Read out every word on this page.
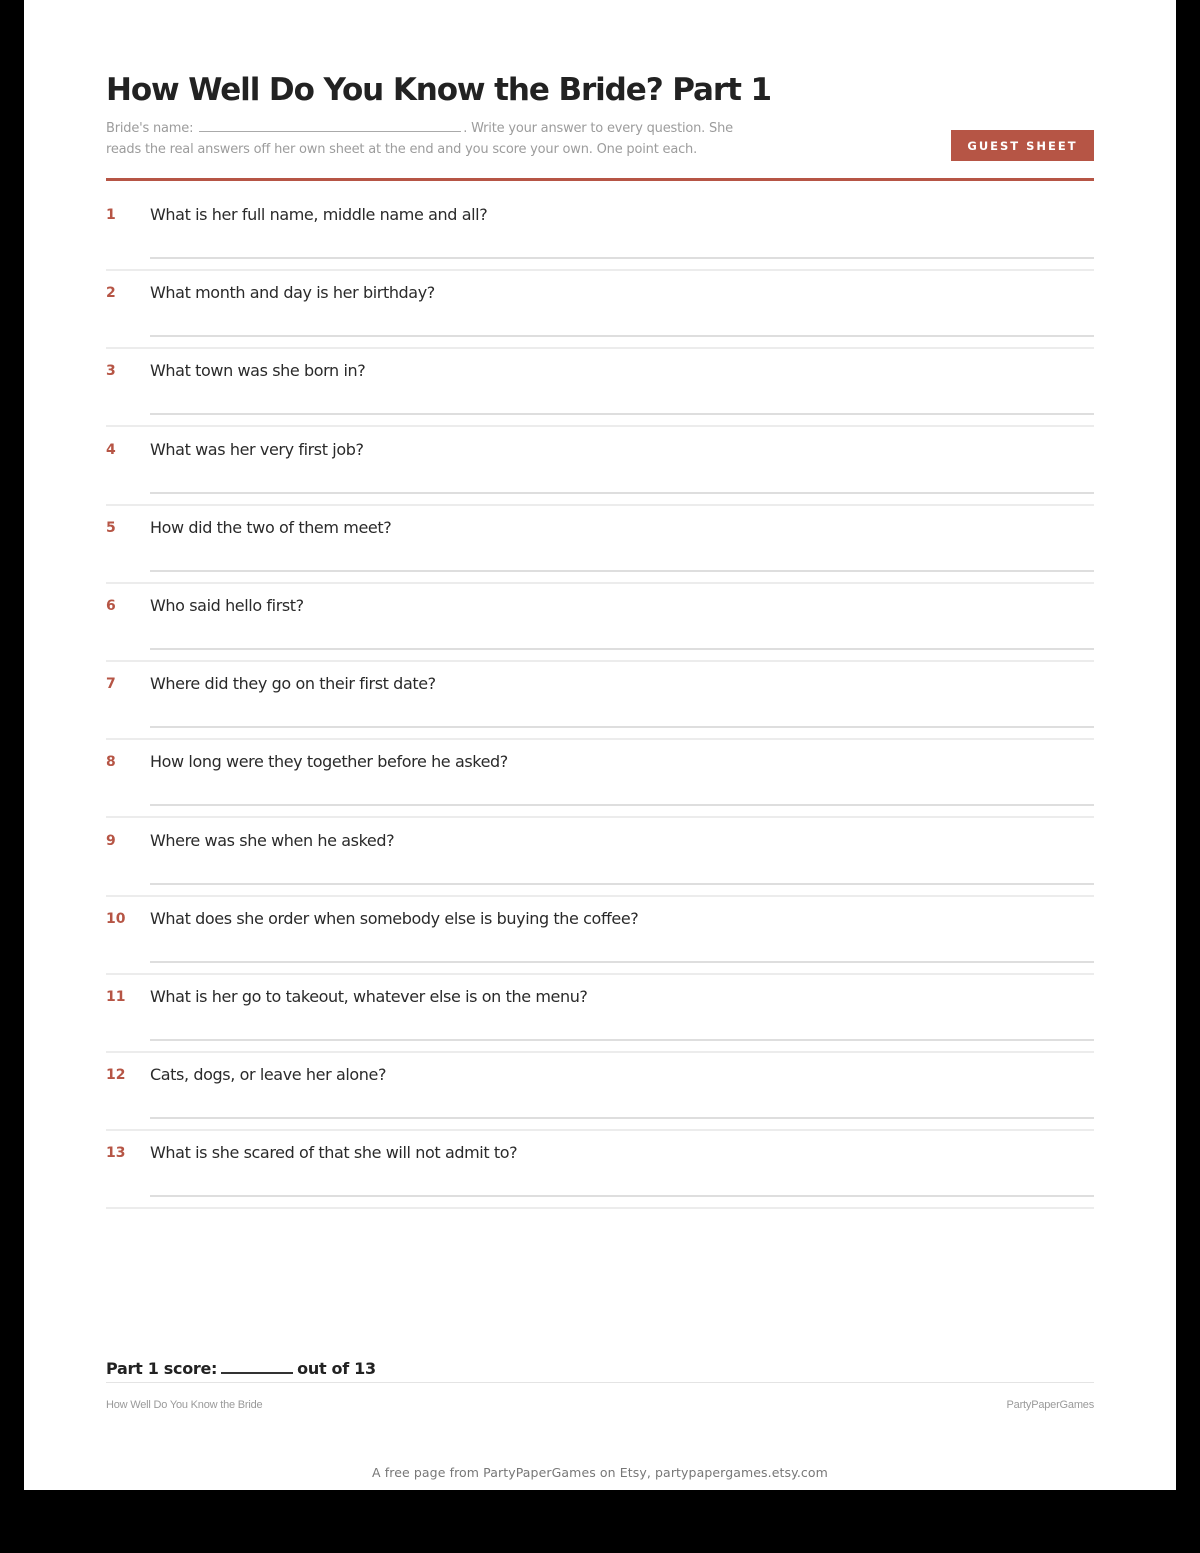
How Well Do You Know the Bride? Part 1
Bride's name:	. Write your answer to every question. She
reads the real answers off her own sheet at the end and you score your own. One point each.	GUEST SHEET
1 What is her full name, middle name and all?
2 What month and day is her birthday?
3 What town was she born in?
4 What was her very first job?
5 How did the two of them meet?
6 Who said hello first?
7 Where did they go on their first date?
8 How long were they together before he asked?
9 Where was she when he asked?
10 What does she order when somebody else is buying the coffee?
11 What is her go to takeout, whatever else is on the menu?
12 Cats, dogs, or leave her alone?
13 What is she scared of that she will not admit to?
Part 1 score:	out of 13
How Well Do You Know the Bride	PartyPaperGames
A free page from PartyPaperGames on Etsy, partypapergames.etsy.com
